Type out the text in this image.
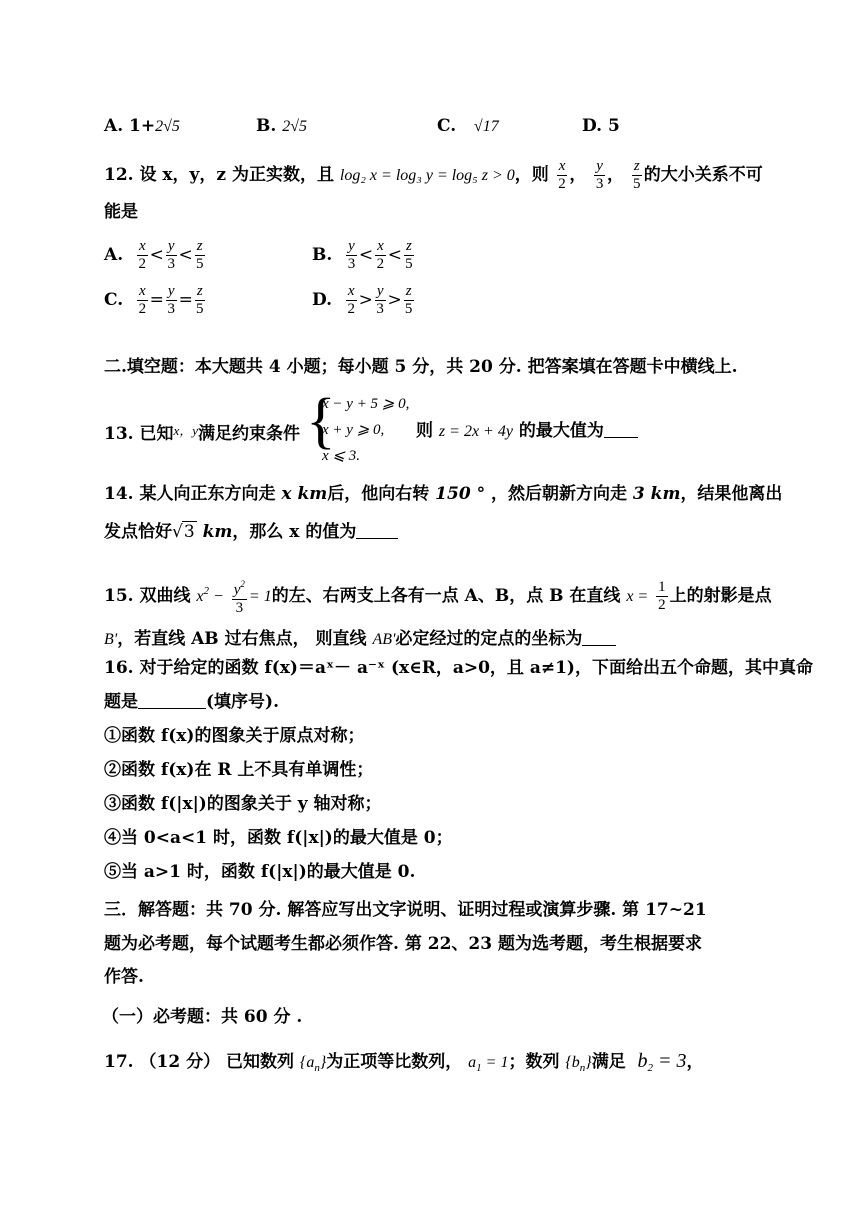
A. 1+2√5	B. 2√5	C. √17	D. 5
12. 设 x，y，z 为正实数，且 log₂ x = log₃ y = log₅ z > 0，则 $\frac{x}{2}$ ， $\frac{y}{3}$ ， $\frac{z}{5}$ 的大小关系不可
能是
A. $\frac{x}{2} < \frac{y}{3} < \frac{z}{5}$	B. $\frac{y}{3} < \frac{x}{2} < \frac{z}{5}$
C. $\frac{x}{2} = \frac{y}{3} = \frac{z}{5}$	D. $\frac{x}{2} > \frac{y}{3} > \frac{z}{5}$
二.填空题：本大题共 4 小题；每小题 5 分，共 20 分. 把答案填在答题卡中横线上.
13. 已知$^{x,y}$满足约束条件 {
x − y + 5 ⩾ 0,
x + y ⩾ 0,
x ⩽ 3.
则 z = 2x + 4y 的最大值为
14. 某人向正东方向走 x km后，他向右转 150 ° ，然后朝新方向走 3 km，结果他离出
发点恰好√3 km，那么 x 的值为
15. 双曲线 $x^2 - \frac{y^2}{3} = 1$的左、右两支上各有一点 A、B，点 B 在直线 $x = \frac{1}{2}$ 上的射影是点
B'，若直线 AB 过右焦点， 则直线 AB'必定经过的定点的坐标为
16. 对于给定的函数 f(x)＝aˣ－ a⁻ˣ (x∈R，a>0，且 a≠1)，下面给出五个命题，其中真命
题是	(填序号).
①函数 f(x)的图象关于原点对称；
②函数 f(x)在 R 上不具有单调性；
③函数 f(|x|)的图象关于 y 轴对称；
④当 0<a<1 时，函数 f(|x|)的最大值是 0；
⑤当 a>1 时，函数 f(|x|)的最大值是 0.
三．解答题：共 70 分. 解答应写出文字说明、证明过程或演算步骤. 第 17~21
题为必考题，每个试题考生都必须作答. 第 22、23 题为选考题，考生根据要求
作答.
（一）必考题：共 60 分 .
17. （12 分） 已知数列 $\{a_n\}$为正项等比数列， $a_1 = 1$；数列 $\{b_n\}$满足 $b_2 = 3$，
